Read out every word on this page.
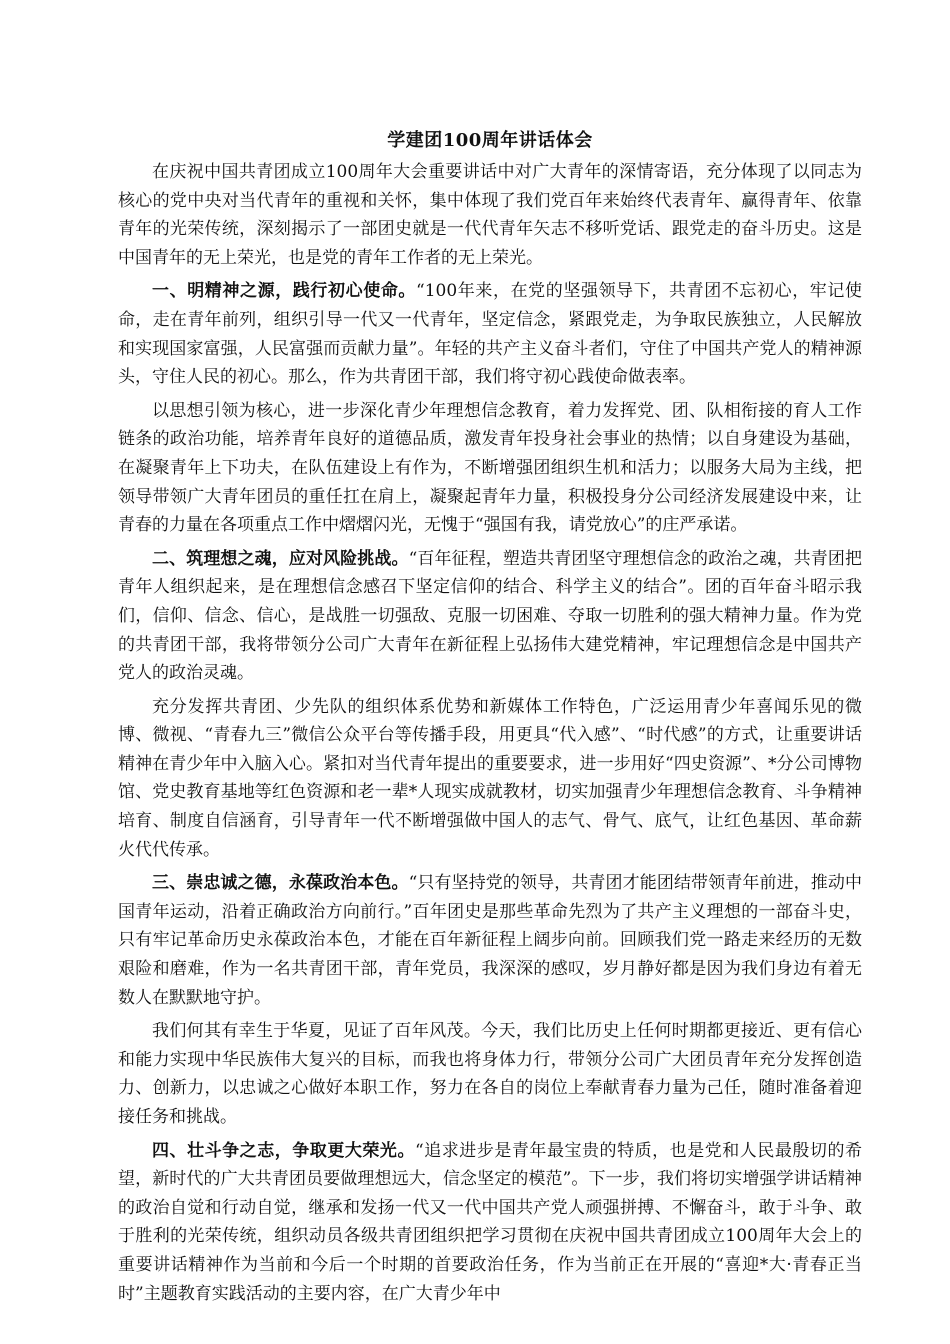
学建团100周年讲话体会

在庆祝中国共青团成立100周年大会重要讲话中对广大青年的深情寄语，充分体现了以同志为核心的党中央对当代青年的重视和关怀，集中体现了我们党百年来始终代表青年、赢得青年、依靠青年的光荣传统，深刻揭示了一部团史就是一代代青年矢志不移听党话、跟党走的奋斗历史。这是中国青年的无上荣光，也是党的青年工作者的无上荣光。

一、明精神之源，践行初心使命。“100年来，在党的坚强领导下，共青团不忘初心，牢记使命，走在青年前列，组织引导一代又一代青年，坚定信念，紧跟党走，为争取民族独立，人民解放和实现国家富强，人民富强而贡献力量”。年轻的共产主义奋斗者们，守住了中国共产党人的精神源头，守住人民的初心。那么，作为共青团干部，我们将守初心践使命做表率。

以思想引领为核心，进一步深化青少年理想信念教育，着力发挥党、团、队相衔接的育人工作链条的政治功能，培养青年良好的道德品质，激发青年投身社会事业的热情；以自身建设为基础，在凝聚青年上下功夫，在队伍建设上有作为，不断增强团组织生机和活力；以服务大局为主线，把领导带领广大青年团员的重任扛在肩上，凝聚起青年力量，积极投身分公司经济发展建设中来，让青春的力量在各项重点工作中熠熠闪光，无愧于“强国有我，请党放心”的庄严承诺。

二、筑理想之魂，应对风险挑战。“百年征程，塑造共青团坚守理想信念的政治之魂，共青团把青年人组织起来，是在理想信念感召下坚定信仰的结合、科学主义的结合”。团的百年奋斗昭示我们，信仰、信念、信心，是战胜一切强敌、克服一切困难、夺取一切胜利的强大精神力量。作为党的共青团干部，我将带领分公司广大青年在新征程上弘扬伟大建党精神，牢记理想信念是中国共产党人的政治灵魂。

充分发挥共青团、少先队的组织体系优势和新媒体工作特色，广泛运用青少年喜闻乐见的微博、微视、“青春九三”微信公众平台等传播手段，用更具“代入感”、“时代感”的方式，让重要讲话精神在青少年中入脑入心。紧扣对当代青年提出的重要要求，进一步用好“四史资源”、*分公司博物馆、党史教育基地等红色资源和老一辈*人现实成就教材，切实加强青少年理想信念教育、斗争精神培育、制度自信涵育，引导青年一代不断增强做中国人的志气、骨气、底气，让红色基因、革命薪火代代传承。

三、崇忠诚之德，永葆政治本色。“只有坚持党的领导，共青团才能团结带领青年前进，推动中国青年运动，沿着正确政治方向前行。”百年团史是那些革命先烈为了共产主义理想的一部奋斗史，只有牢记革命历史永葆政治本色，才能在百年新征程上阔步向前。回顾我们党一路走来经历的无数艰险和磨难，作为一名共青团干部，青年党员，我深深的感叹，岁月静好都是因为我们身边有着无数人在默默地守护。

我们何其有幸生于华夏，见证了百年风茂。今天，我们比历史上任何时期都更接近、更有信心和能力实现中华民族伟大复兴的目标，而我也将身体力行，带领分公司广大团员青年充分发挥创造力、创新力，以忠诚之心做好本职工作，努力在各自的岗位上奉献青春力量为己任，随时准备着迎接任务和挑战。

四、壮斗争之志，争取更大荣光。“追求进步是青年最宝贵的特质，也是党和人民最殷切的希望，新时代的广大共青团员要做理想远大，信念坚定的模范”。下一步，我们将切实增强学讲话精神的政治自觉和行动自觉，继承和发扬一代又一代中国共产党人顽强拼搏、不懈奋斗，敢于斗争、敢于胜利的光荣传统，组织动员各级共青团组织把学习贯彻在庆祝中国共青团成立100周年大会上的重要讲话精神作为当前和今后一个时期的首要政治任务，作为当前正在开展的“喜迎*大·青春正当时”主题教育实践活动的主要内容，在广大青少年中
